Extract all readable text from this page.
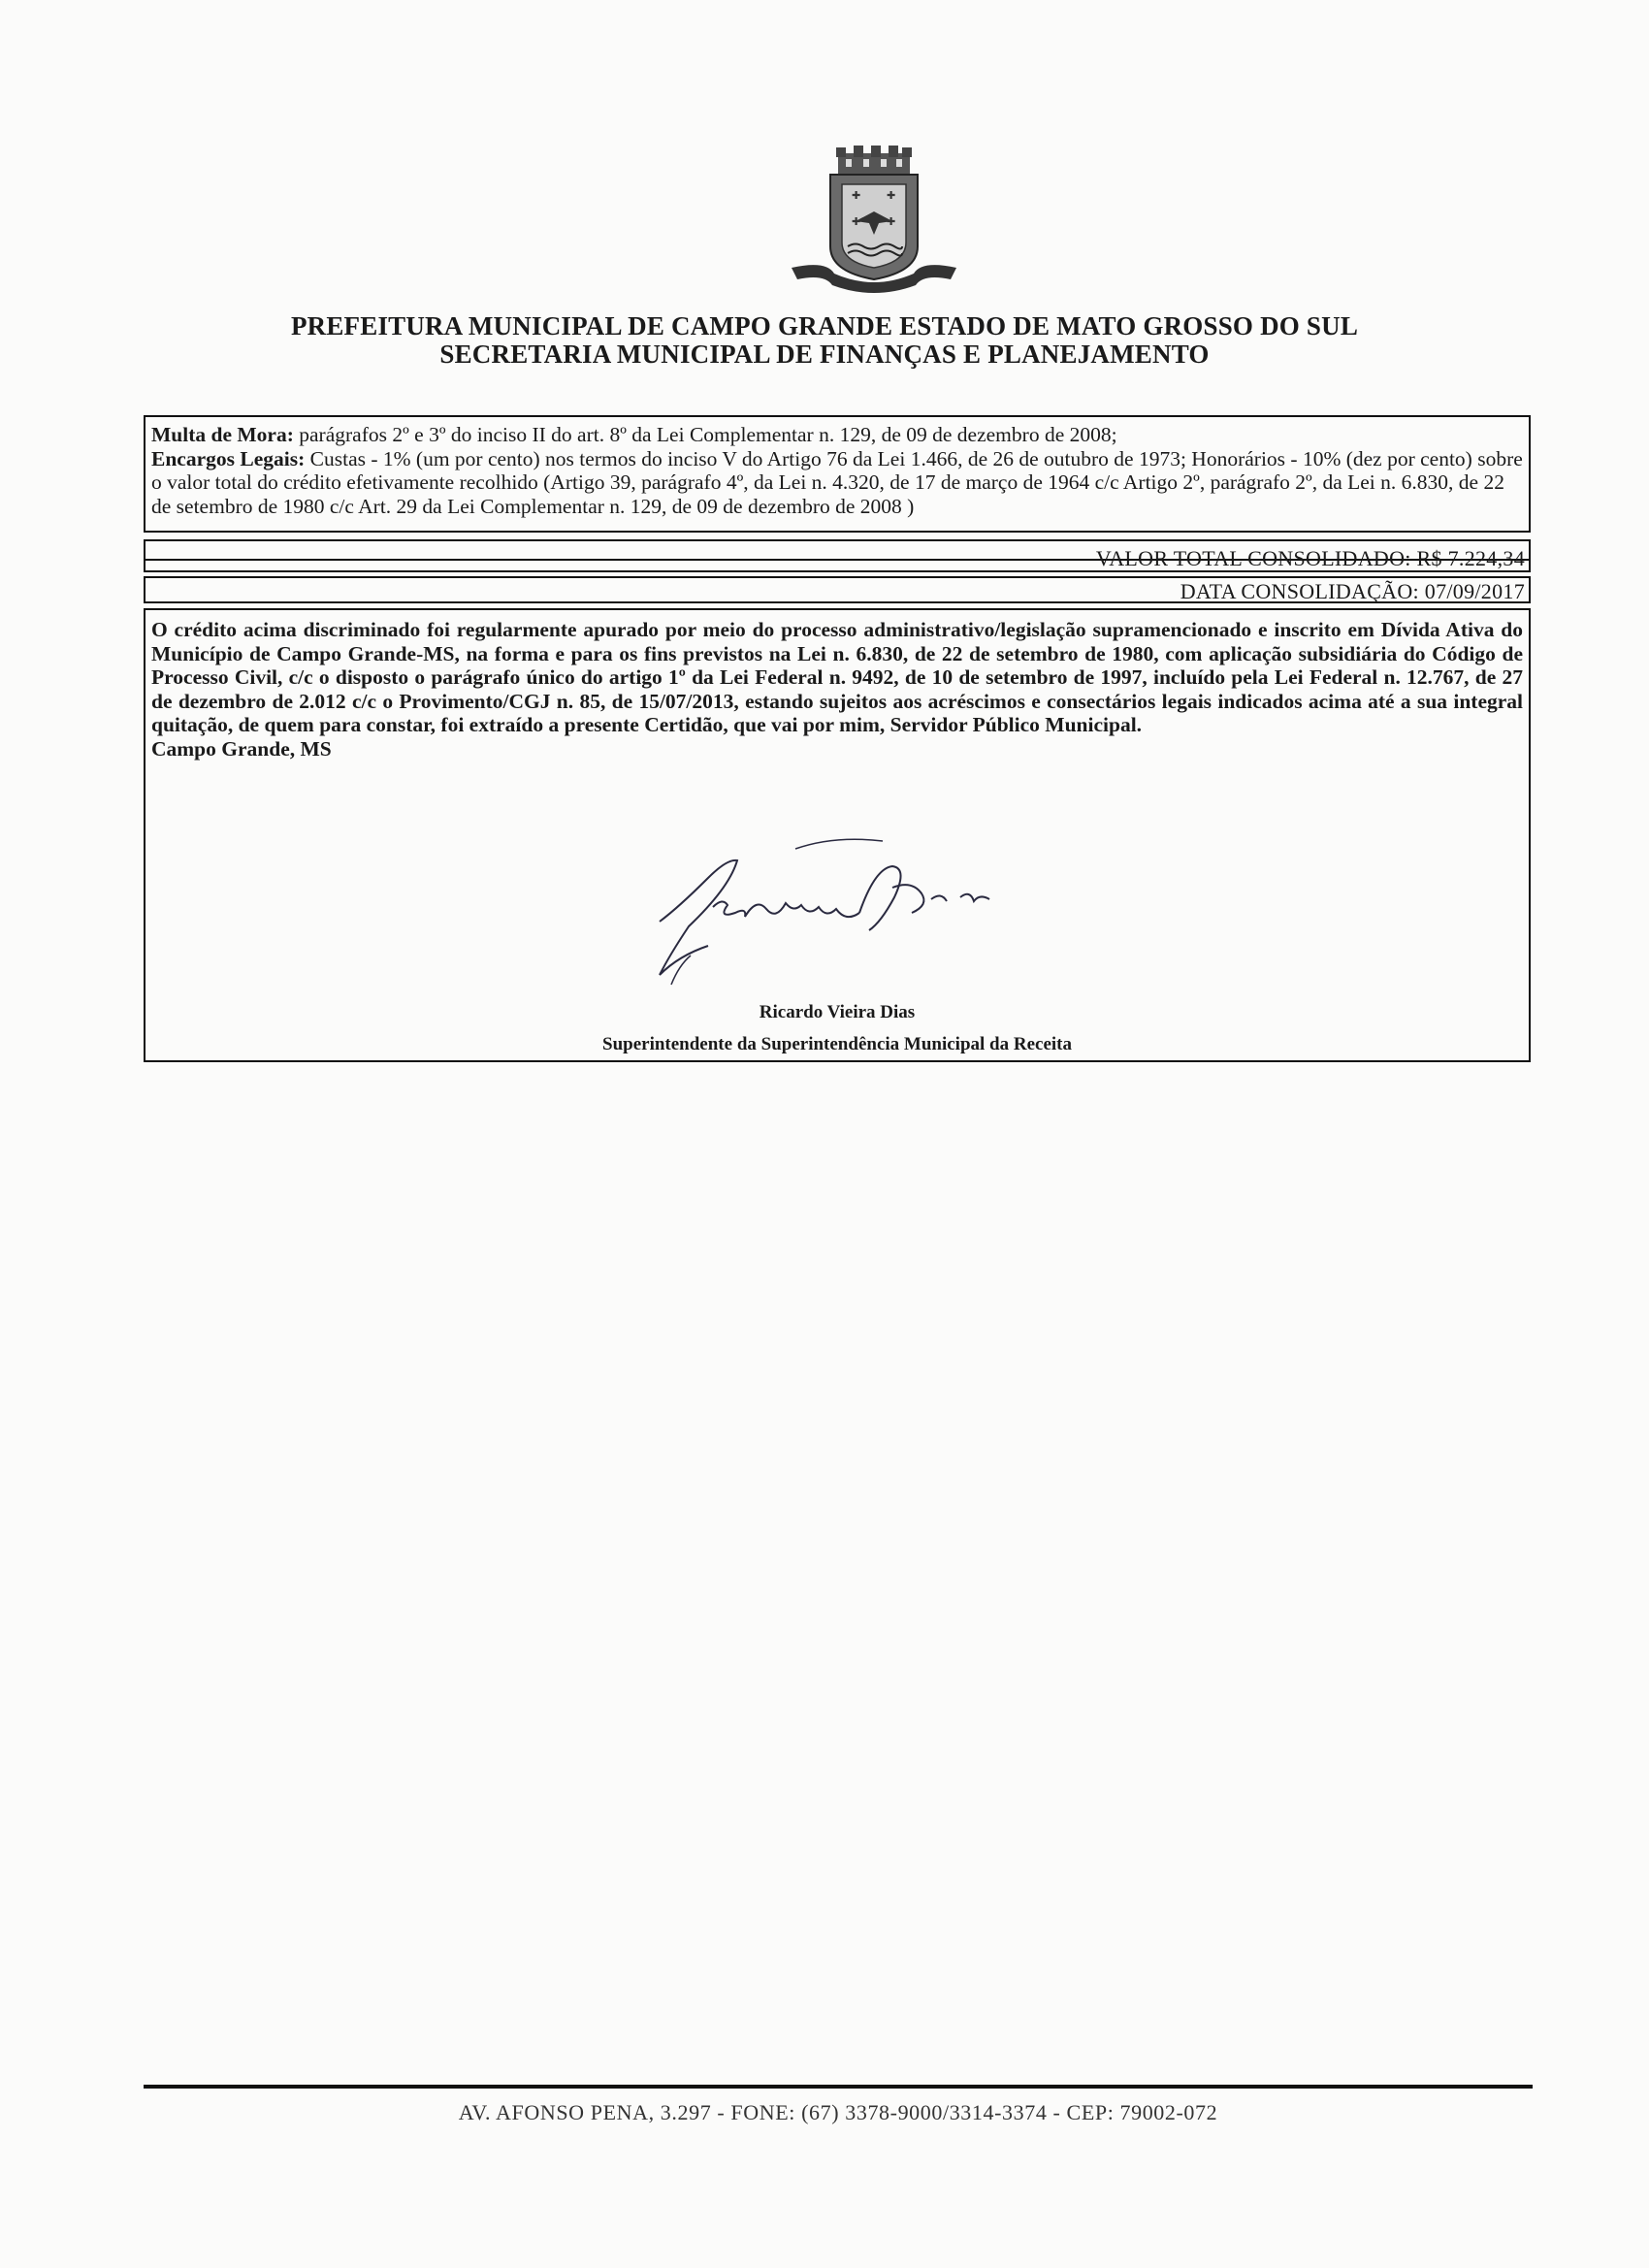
✚ ✚
✚ ✚
PREFEITURA MUNICIPAL DE CAMPO GRANDE ESTADO DE MATO GROSSO DO SUL
SECRETARIA MUNICIPAL DE FINANÇAS E PLANEJAMENTO
Multa de Mora: parágrafos 2º e 3º do inciso II do art. 8º da Lei Complementar n. 129, de 09 de dezembro de 2008;
Encargos Legais: Custas - 1% (um por cento) nos termos do inciso V do Artigo 76 da Lei 1.466, de 26 de outubro de 1973; Honorários - 10% (dez por cento) sobre o valor total do crédito efetivamente recolhido (Artigo 39, parágrafo 4º, da Lei n. 4.320, de 17 de março de 1964 c/c Artigo 2º, parágrafo 2º, da Lei n. 6.830, de 22 de setembro de 1980 c/c Art. 29 da Lei Complementar n. 129, de 09 de dezembro de 2008 )
VALOR TOTAL CONSOLIDADO: R$ 7.224,34
DATA CONSOLIDAÇÃO: 07/09/2017

O crédito acima discriminado foi regularmente apurado por meio do processo administrativo/legislação supramencionado e inscrito em Dívida Ativa do Município de Campo Grande-MS, na forma e para os fins previstos na Lei n. 6.830, de 22 de setembro de 1980, com aplicação subsidiária do Código de Processo Civil, c/c o disposto o parágrafo único do artigo 1º da Lei Federal n. 9492, de 10 de setembro de 1997, incluído pela Lei Federal n. 12.767, de 27 de dezembro de 2.012 c/c o Provimento/CGJ n. 85, de 15/07/2013, estando sujeitos aos acréscimos e consectários legais indicados acima até a sua integral quitação, de quem para constar, foi extraído a presente Certidão, que vai por mim, Servidor Público Municipal.

Campo Grande, MS
Ricardo Vieira Dias
Superintendente da Superintendência Municipal da Receita
AV. AFONSO PENA, 3.297 - FONE: (67) 3378-9000/3314-3374 - CEP: 79002-072
